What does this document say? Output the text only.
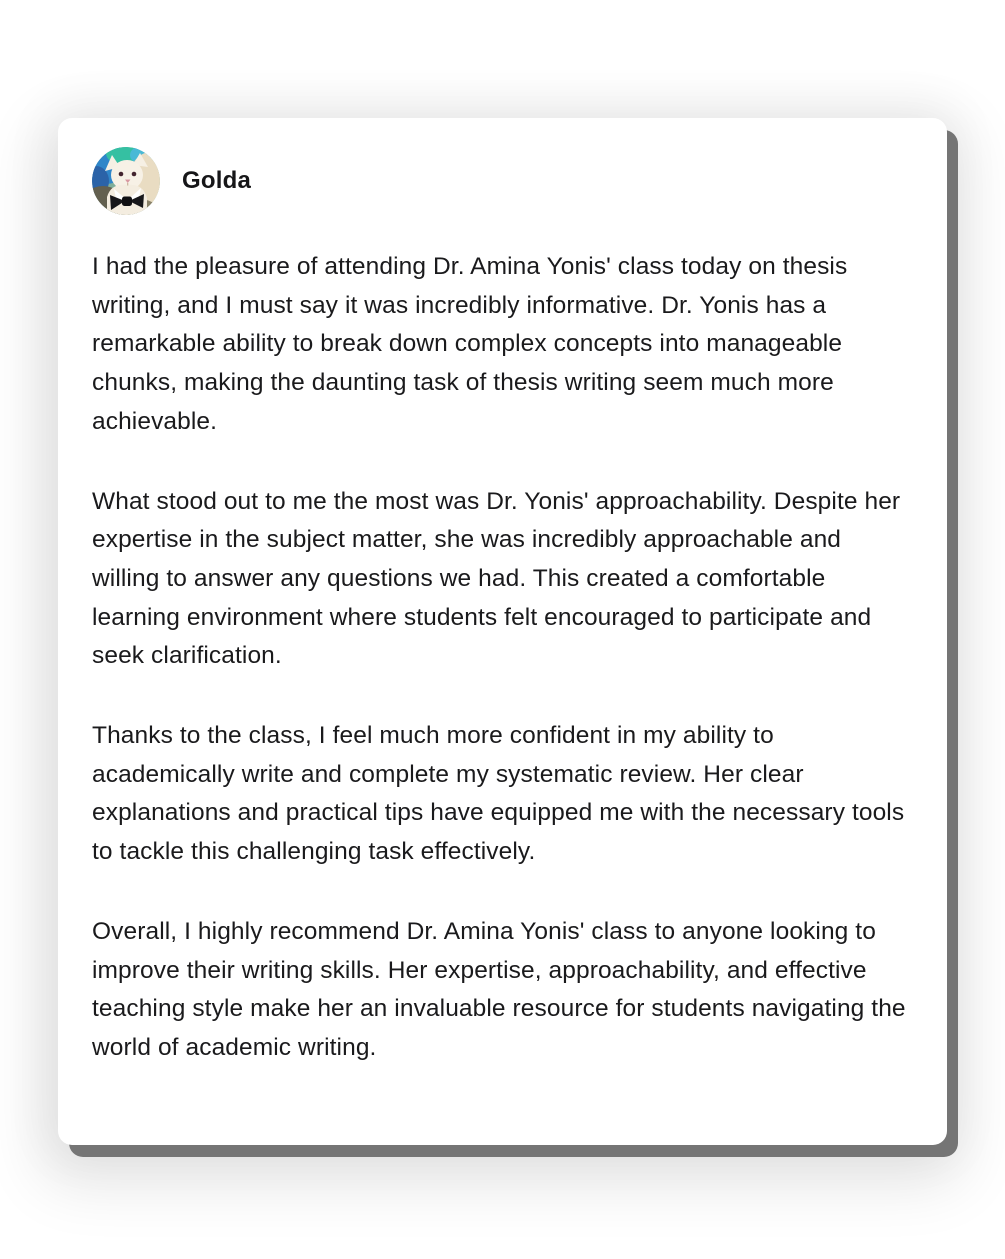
Golda

I had the pleasure of attending Dr. Amina Yonis' class today on thesis writing, and I must say it was incredibly informative. Dr. Yonis has a remarkable ability to break down complex concepts into manageable chunks, making the daunting task of thesis writing seem much more achievable.

What stood out to me the most was Dr. Yonis' approachability. Despite her expertise in the subject matter, she was incredibly approachable and willing to answer any questions we had. This created a comfortable learning environment where students felt encouraged to participate and seek clarification.

Thanks to the class, I feel much more confident in my ability to academically write and complete my systematic review. Her clear explanations and practical tips have equipped me with the necessary tools to tackle this challenging task effectively.

Overall, I highly recommend Dr. Amina Yonis' class to anyone looking to improve their writing skills. Her expertise, approachability, and effective teaching style make her an invaluable resource for students navigating the world of academic writing.
